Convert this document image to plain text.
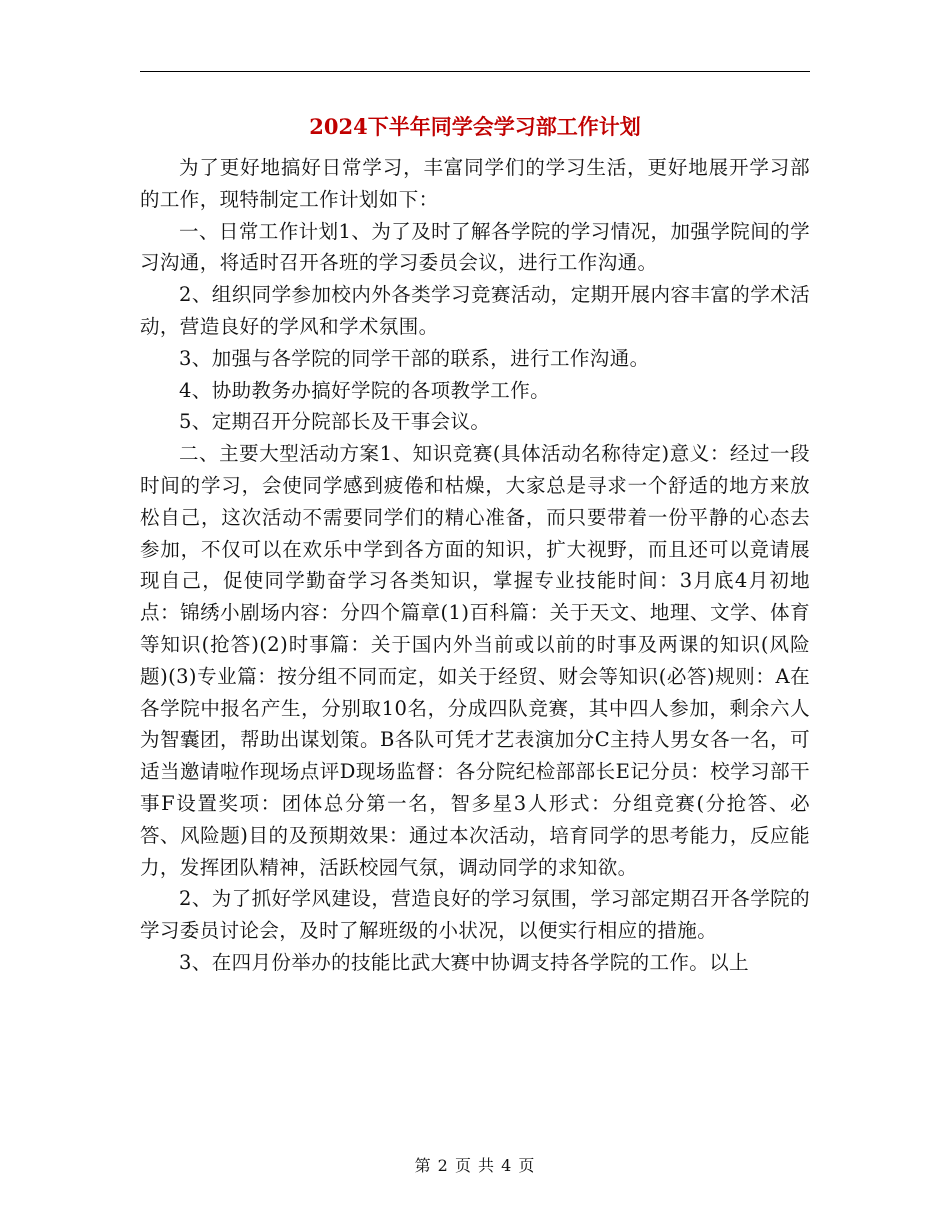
2024下半年同学会学习部工作计划

为了更好地搞好日常学习，丰富同学们的学习生活，更好地展开学习部的工作，现特制定工作计划如下：

一、日常工作计划1、为了及时了解各学院的学习情况，加强学院间的学习沟通，将适时召开各班的学习委员会议，进行工作沟通。

2、组织同学参加校内外各类学习竞赛活动，定期开展内容丰富的学术活动，营造良好的学风和学术氛围。

3、加强与各学院的同学干部的联系，进行工作沟通。

4、协助教务办搞好学院的各项教学工作。

5、定期召开分院部长及干事会议。

二、主要大型活动方案1、知识竞赛(具体活动名称待定)意义：经过一段时间的学习，会使同学感到疲倦和枯燥，大家总是寻求一个舒适的地方来放松自己，这次活动不需要同学们的精心准备，而只要带着一份平静的心态去参加，不仅可以在欢乐中学到各方面的知识，扩大视野，而且还可以竟请展现自己，促使同学勤奋学习各类知识，掌握专业技能时间：3月底4月初地点：锦绣小剧场内容：分四个篇章(1)百科篇：关于天文、地理、文学、体育等知识(抢答)(2)时事篇：关于国内外当前或以前的时事及两课的知识(风险题)(3)专业篇：按分组不同而定，如关于经贸、财会等知识(必答)规则：A在各学院中报名产生，分别取10名，分成四队竞赛，其中四人参加，剩余六人为智囊团，帮助出谋划策。B各队可凭才艺表演加分C主持人男女各一名，可适当邀请啦作现场点评D现场监督：各分院纪检部部长E记分员：校学习部干事F设置奖项：团体总分第一名，智多星3人形式：分组竞赛(分抢答、必答、风险题)目的及预期效果：通过本次活动，培育同学的思考能力，反应能力，发挥团队精神，活跃校园气氛，调动同学的求知欲。

2、为了抓好学风建设，营造良好的学习氛围，学习部定期召开各学院的学习委员讨论会，及时了解班级的小状况，以便实行相应的措施。

3、在四月份举办的技能比武大赛中协调支持各学院的工作。以上

第 2 页 共 4 页
